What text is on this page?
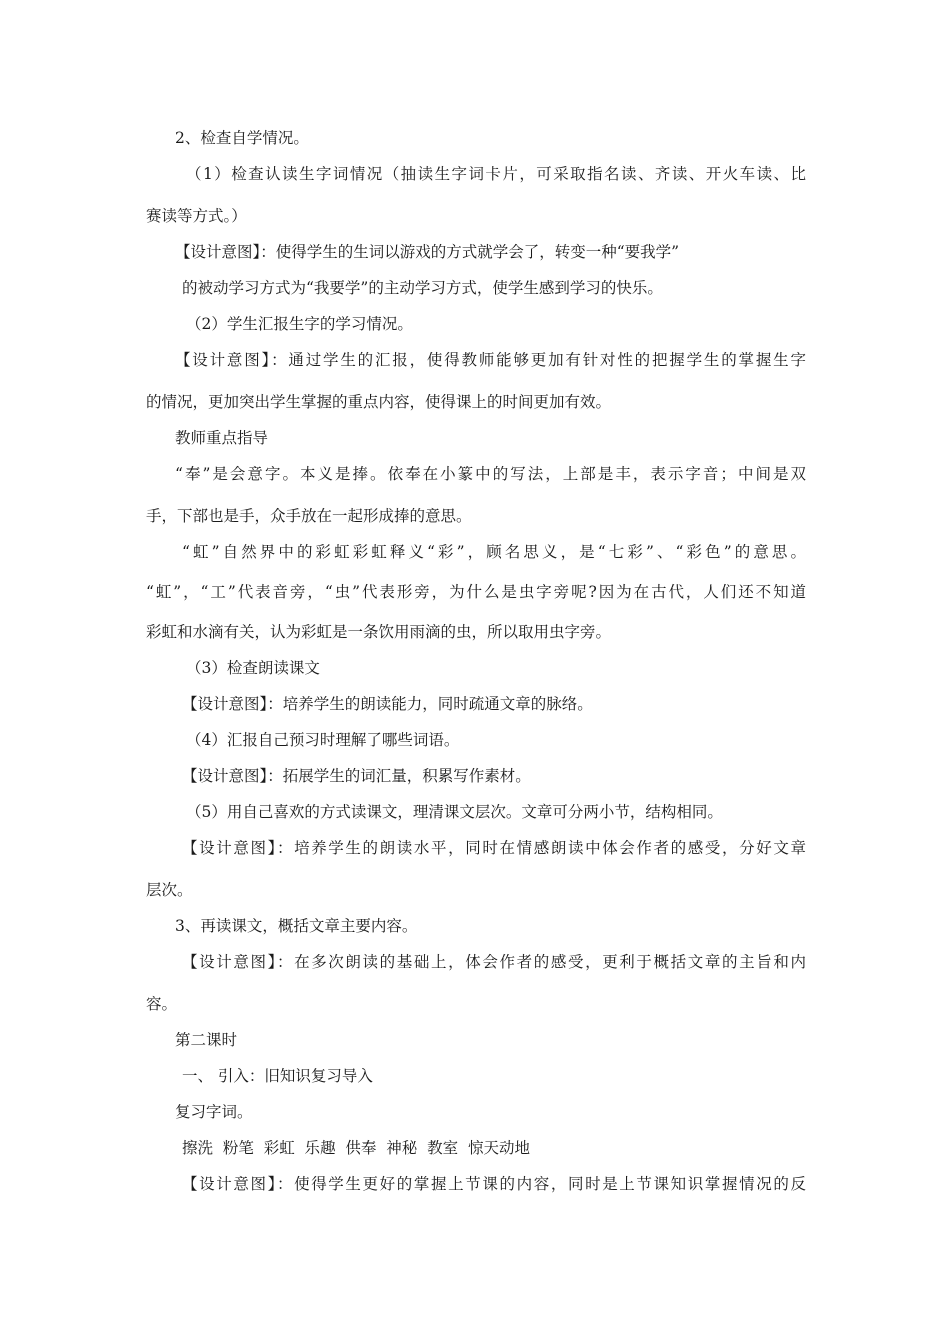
2、检查自学情况。
（1）检查认读生字词情况（抽读生字词卡片，可采取指名读、齐读、开火车读、比
赛读等方式。）
【设计意图】：使得学生的生词以游戏的方式就学会了，转变一种“要我学”
的被动学习方式为“我要学”的主动学习方式，使学生感到学习的快乐。
（2）学生汇报生字的学习情况。
【设计意图】：通过学生的汇报，使得教师能够更加有针对性的把握学生的掌握生字
的情况，更加突出学生掌握的重点内容，使得课上的时间更加有效。
教师重点指导
“奉”是会意字。本义是捧。依奉在小篆中的写法，上部是丰，表示字音；中间是双
手，下部也是手，众手放在一起形成捧的意思。
“虹”自然界中的彩虹彩虹释义“彩”，顾名思义，是“七彩”、“彩色”的意思。
“虹”，“工”代表音旁，“虫”代表形旁，为什么是虫字旁呢?因为在古代，人们还不知道
彩虹和水滴有关，认为彩虹是一条饮用雨滴的虫，所以取用虫字旁。
（3）检查朗读课文
【设计意图】：培养学生的朗读能力，同时疏通文章的脉络。
（4）汇报自己预习时理解了哪些词语。
【设计意图】：拓展学生的词汇量，积累写作素材。
（5）用自己喜欢的方式读课文，理清课文层次。文章可分两小节，结构相同。
【设计意图】：培养学生的朗读水平，同时在情感朗读中体会作者的感受，分好文章
层次。
3、再读课文，概括文章主要内容。
【设计意图】：在多次朗读的基础上，体会作者的感受，更利于概括文章的主旨和内
容。
第二课时
一、 引入：旧知识复习导入
复习字词。
擦洗  粉笔  彩虹  乐趣  供奉  神秘  教室  惊天动地
【设计意图】：使得学生更好的掌握上节课的内容，同时是上节课知识掌握情况的反
